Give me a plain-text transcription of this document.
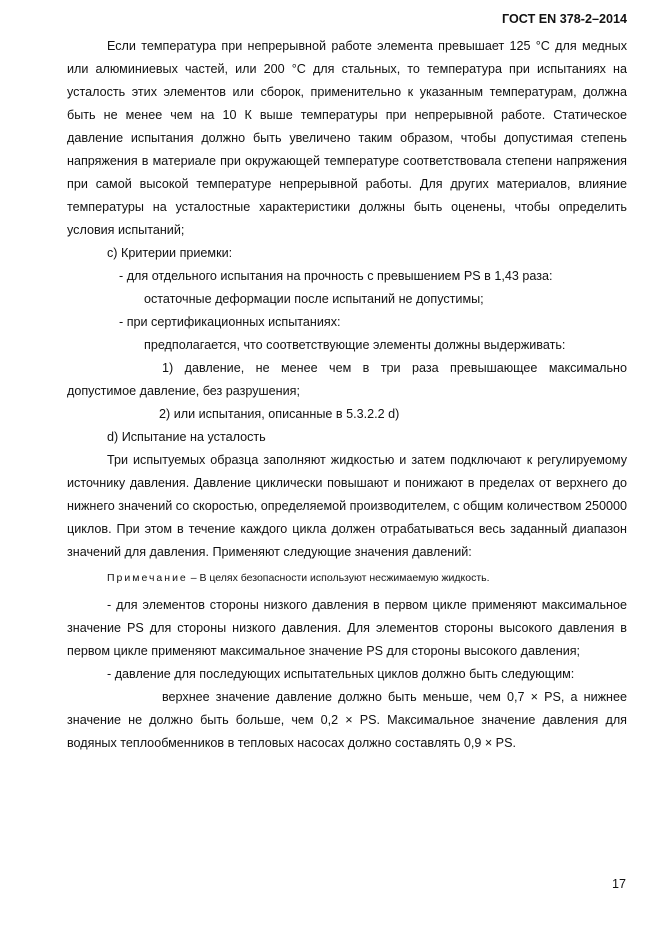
ГОСТ EN 378-2–2014

Если температура при непрерывной работе элемента превышает 125 °С для медных или алюминиевых частей, или 200 °С для стальных, то температура при испытаниях на усталость этих элементов или сборок, применительно к указанным температурам, должна быть не менее чем на 10 К выше температуры при непрерывной работе. Статическое давление испытания должно быть увеличено таким образом, чтобы допустимая степень напряжения в материале при окружающей температуре соответствовала степени напряжения при самой высокой температуре непрерывной работы. Для других материалов, влияние температуры на усталостные характеристики должны быть оценены, чтобы определить условия испытаний;

c) Критерии приемки:

- для отдельного испытания на прочность с превышением PS в 1,43 раза:

остаточные деформации после испытаний не допустимы;

- при сертификационных испытаниях:

предполагается, что соответствующие элементы должны выдерживать:

1) давление, не менее чем в три раза превышающее максимально допустимое давление, без разрушения;

2) или испытания, описанные в 5.3.2.2 d)

d) Испытание на усталость

Три испытуемых образца заполняют жидкостью и затем подключают к регулируемому источнику давления. Давление циклически повышают и понижают в пределах от верхнего до нижнего значений со скоростью, определяемой производителем, с общим количеством 250000 циклов. При этом в течение каждого цикла должен отрабатываться весь заданный диапазон значений для давления. Применяют следующие значения давлений:

Примечание – В целях безопасности используют несжимаемую жидкость.

- для элементов стороны низкого давления в первом цикле применяют максимальное значение PS для стороны низкого давления. Для элементов стороны высокого давления в первом цикле применяют максимальное значение PS для стороны высокого давления;

- давление для последующих испытательных циклов должно быть следующим:

верхнее значение давление должно быть меньше, чем 0,7 × PS, а нижнее значение не должно быть больше, чем 0,2 × PS. Максимальное значение давления для водяных теплообменников в тепловых насосах должно составлять 0,9 × PS.

17
